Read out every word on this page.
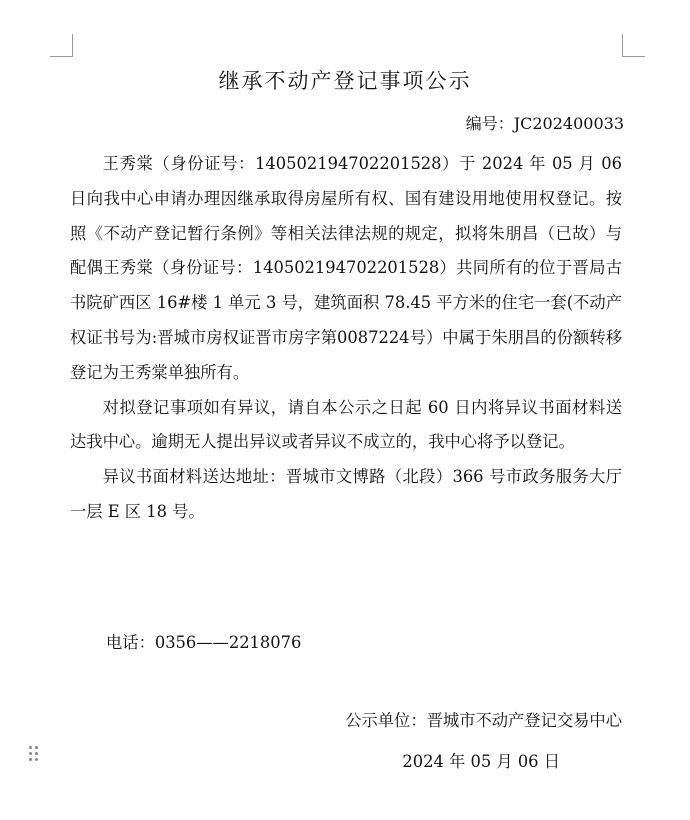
继承不动产登记事项公示
编号：JC202400033

王秀棠（身份证号：140502194702201528）于 2024 年 05 月 06 日向我中心申请办理因继承取得房屋所有权、国有建设用地使用权登记。按照《不动产登记暂行条例》等相关法律法规的规定，拟将朱朋昌（已故）与配偶王秀棠（身份证号：140502194702201528）共同所有的位于晋局古书院矿西区 16#楼 1 单元 3 号，建筑面积 78.45 平方米的住宅一套(不动产权证书号为:晋城市房权证晋市房字第0087224号）中属于朱朋昌的份额转移登记为王秀棠单独所有。

对拟登记事项如有异议，请自本公示之日起 60 日内将异议书面材料送达我中心。逾期无人提出异议或者异议不成立的，我中心将予以登记。

异议书面材料送达地址：晋城市文博路（北段）366 号市政务服务大厅一层 E 区 18 号。

电话：0356——2218076
公示单位：晋城市不动产登记交易中心
2024 年 05 月 06 日
